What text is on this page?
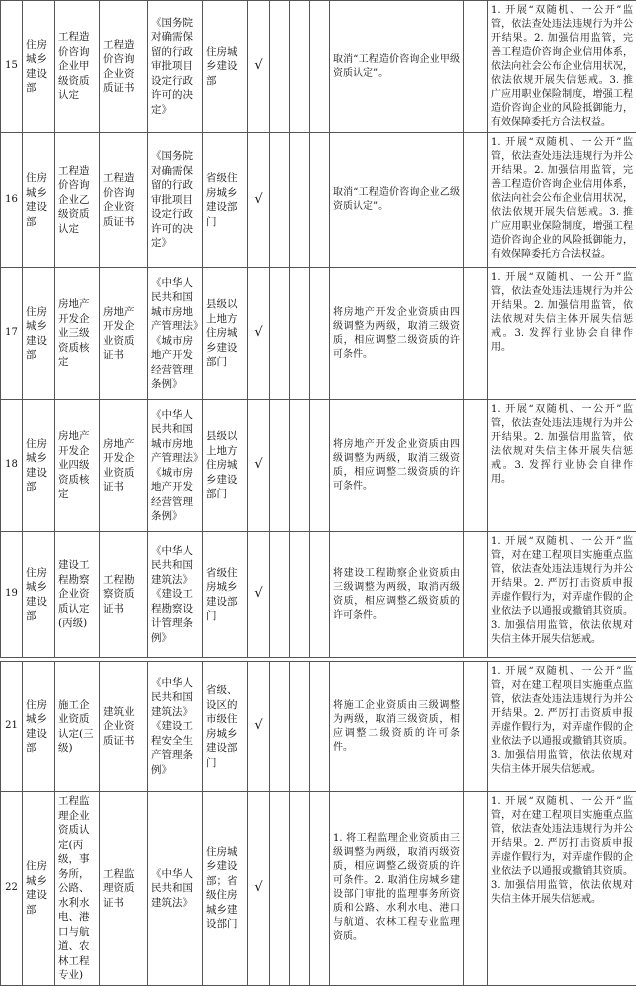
15	住房城乡建设部	工程造价咨询企业甲级资质认定	工程造价咨询企业资质证书	《国务院对确需保留的行政审批项目设定行政许可的决定》	住房城乡建设部	√				取消“工程造价咨询企业甲级资质认定”。		1. 开展“双随机、一公开”监管，依法查处违法违规行为并公开结果。2. 加强信用监管，完善工程造价咨询企业信用体系，依法向社会公布企业信用状况，依法依规开展失信惩戒。3. 推广应用职业保险制度，增强工程造价咨询企业的风险抵御能力，有效保障委托方合法权益。
16	住房城乡建设部	工程造价咨询企业乙级资质认定	工程造价咨询企业资质证书	《国务院对确需保留的行政审批项目设定行政许可的决定》	省级住房城乡建设部门	√				取消“工程造价咨询企业乙级资质认定”。		1. 开展“双随机、一公开”监管，依法查处违法违规行为并公开结果。2. 加强信用监管，完善工程造价咨询企业信用体系，依法向社会公布企业信用状况，依法依规开展失信惩戒。3. 推广应用职业保险制度，增强工程造价咨询企业的风险抵御能力，有效保障委托方合法权益。
17	住房城乡建设部	房地产开发企业三级资质核定	房地产开发企业资质证书	《中华人民共和国城市房地产管理法》《城市房地产开发经营管理条例》	县级以上地方住房城乡建设部门	√				将房地产开发企业资质由四级调整为两级，取消三级资质，相应调整二级资质的许可条件。		1. 开展“双随机、一公开”监管，依法查处违法违规行为并公开结果。2. 加强信用监管，依法依规对失信主体开展失信惩戒。3. 发挥行业协会自律作用。
18	住房城乡建设部	房地产开发企业四级资质核定	房地产开发企业资质证书	《中华人民共和国城市房地产管理法》《城市房地产开发经营管理条例》	县级以上地方住房城乡建设部门	√				将房地产开发企业资质由四级调整为两级，取消三级资质，相应调整二级资质的许可条件。		1. 开展“双随机、一公开”监管，依法查处违法违规行为并公开结果。2. 加强信用监管，依法依规对失信主体开展失信惩戒。3. 发挥行业协会自律作用。
19	住房城乡建设部	建设工程勘察企业资质认定(丙级)	工程勘察资质证书	《中华人民共和国建筑法》《建设工程勘察设计管理条例》	省级住房城乡建设部门	√				将建设工程勘察企业资质由三级调整为两级，取消丙级资质，相应调整乙级资质的许可条件。		1. 开展“双随机、一公开”监管，对在建工程项目实施重点监管，依法查处违法违规行为并公开结果。2. 严厉打击资质申报弄虚作假行为，对弄虚作假的企业依法予以通报或撤销其资质。3. 加强信用监管，依法依规对失信主体开展失信惩戒。

21	住房城乡建设部	施工企业资质认定(三级)	建筑业企业资质证书	《中华人民共和国建筑法》《建设工程安全生产管理条例》	省级、设区的市级住房城乡建设部门	√				将施工企业资质由三级调整为两级，取消三级资质，相应调整二级资质的许可条件。		1. 开展“双随机、一公开”监管，对在建工程项目实施重点监管，依法查处违法违规行为并公开结果。2. 严厉打击资质申报弄虚作假行为，对弄虚作假的企业依法予以通报或撤销其资质。3. 加强信用监管，依法依规对失信主体开展失信惩戒。
22	住房城乡建设部	工程监理企业资质认定(丙级，事务所，公路、水利水电、港口与航道、农林工程专业)	工程监理资质证书	《中华人民共和国建筑法》	住房城乡建设部；省级住房城乡建设部门	√				1. 将工程监理企业资质由三级调整为两级，取消丙级资质，相应调整乙级资质的许可条件。2. 取消住房城乡建设部门审批的监理事务所资质和公路、水利水电、港口与航道、农林工程专业监理资质。		1. 开展“双随机、一公开”监管，对在建工程项目实施重点监管，依法查处违法违规行为并公开结果。2. 严厉打击资质申报弄虚作假行为，对弄虚作假的企业依法予以通报或撤销其资质。3. 加强信用监管，依法依规对失信主体开展失信惩戒。
